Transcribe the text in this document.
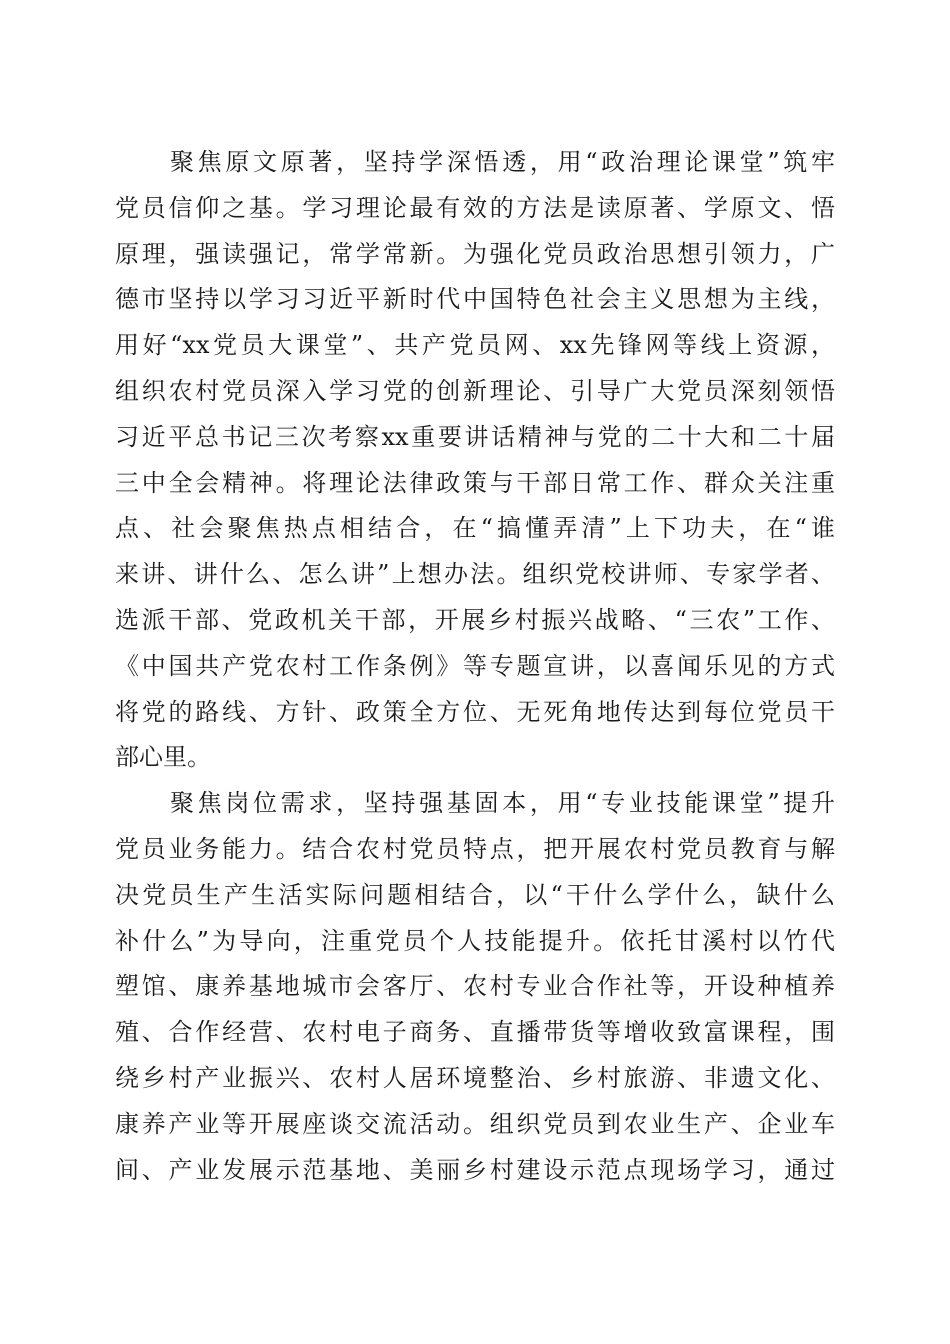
聚焦原文原著，坚持学深悟透，用“政治理论课堂”筑牢
党员信仰之基。学习理论最有效的方法是读原著、学原文、悟
原理，强读强记，常学常新。为强化党员政治思想引领力，广
德市坚持以学习习近平新时代中国特色社会主义思想为主线，
用好“xx党员大课堂”、共产党员网、xx先锋网等线上资源，
组织农村党员深入学习党的创新理论、引导广大党员深刻领悟
习近平总书记三次考察xx重要讲话精神与党的二十大和二十届
三中全会精神。将理论法律政策与干部日常工作、群众关注重
点、社会聚焦热点相结合，在“搞懂弄清”上下功夫，在“谁
来讲、讲什么、怎么讲”上想办法。组织党校讲师、专家学者、
选派干部、党政机关干部，开展乡村振兴战略、“三农”工作、
《中国共产党农村工作条例》等专题宣讲，以喜闻乐见的方式
将党的路线、方针、政策全方位、无死角地传达到每位党员干
部心里。
聚焦岗位需求，坚持强基固本，用“专业技能课堂”提升
党员业务能力。结合农村党员特点，把开展农村党员教育与解
决党员生产生活实际问题相结合，以“干什么学什么，缺什么
补什么”为导向，注重党员个人技能提升。依托甘溪村以竹代
塑馆、康养基地城市会客厅、农村专业合作社等，开设种植养
殖、合作经营、农村电子商务、直播带货等增收致富课程，围
绕乡村产业振兴、农村人居环境整治、乡村旅游、非遗文化、
康养产业等开展座谈交流活动。组织党员到农业生产、企业车
间、产业发展示范基地、美丽乡村建设示范点现场学习，通过
